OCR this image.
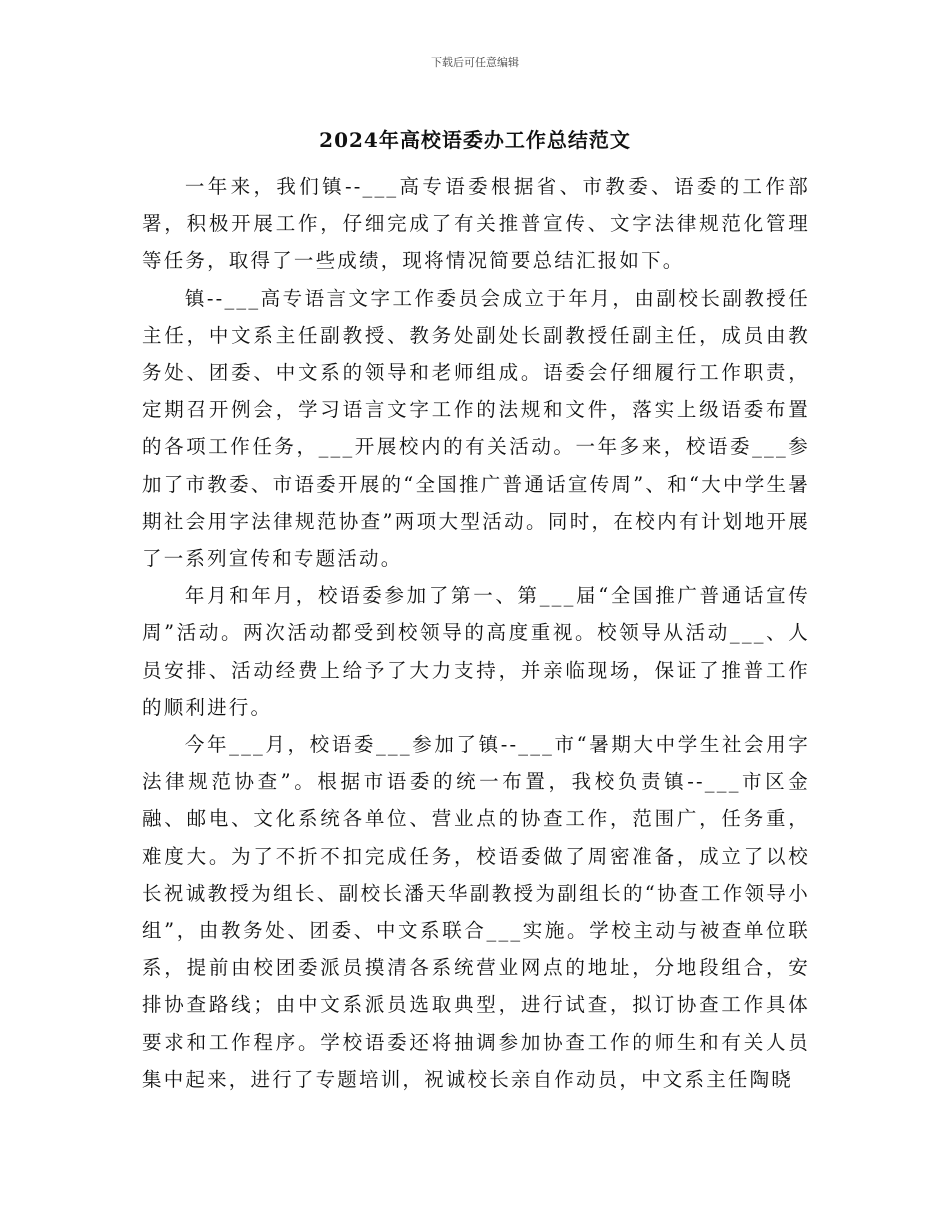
下载后可任意编辑
2024年高校语委办工作总结范文

一年来，我们镇--___高专语委根据省、市教委、语委的工作部署，积极开展工作，仔细完成了有关推普宣传、文字法律规范化管理等任务，取得了一些成绩，现将情况简要总结汇报如下。

镇--___高专语言文字工作委员会成立于年月，由副校长副教授任主任，中文系主任副教授、教务处副处长副教授任副主任，成员由教务处、团委、中文系的领导和老师组成。语委会仔细履行工作职责，定期召开例会，学习语言文字工作的法规和文件，落实上级语委布置的各项工作任务，___开展校内的有关活动。一年多来，校语委___参加了市教委、市语委开展的“全国推广普通话宣传周”、和“大中学生暑期社会用字法律规范协查”两项大型活动。同时，在校内有计划地开展了一系列宣传和专题活动。

年月和年月，校语委参加了第一、第___届“全国推广普通话宣传周”活动。两次活动都受到校领导的高度重视。校领导从活动___、人员安排、活动经费上给予了大力支持，并亲临现场，保证了推普工作的顺利进行。

今年___月，校语委___参加了镇--___市“暑期大中学生社会用字法律规范协查”。根据市语委的统一布置，我校负责镇--___市区金融、邮电、文化系统各单位、营业点的协查工作，范围广，任务重，难度大。为了不折不扣完成任务，校语委做了周密准备，成立了以校长祝诚教授为组长、副校长潘天华副教授为副组长的“协查工作领导小组”，由教务处、团委、中文系联合___实施。学校主动与被查单位联系，提前由校团委派员摸清各系统营业网点的地址，分地段组合，安排协查路线；由中文系派员选取典型，进行试查，拟订协查工作具体要求和工作程序。学校语委还将抽调参加协查工作的师生和有关人员集中起来，进行了专题培训，祝诚校长亲自作动员，中文系主任陶晓
